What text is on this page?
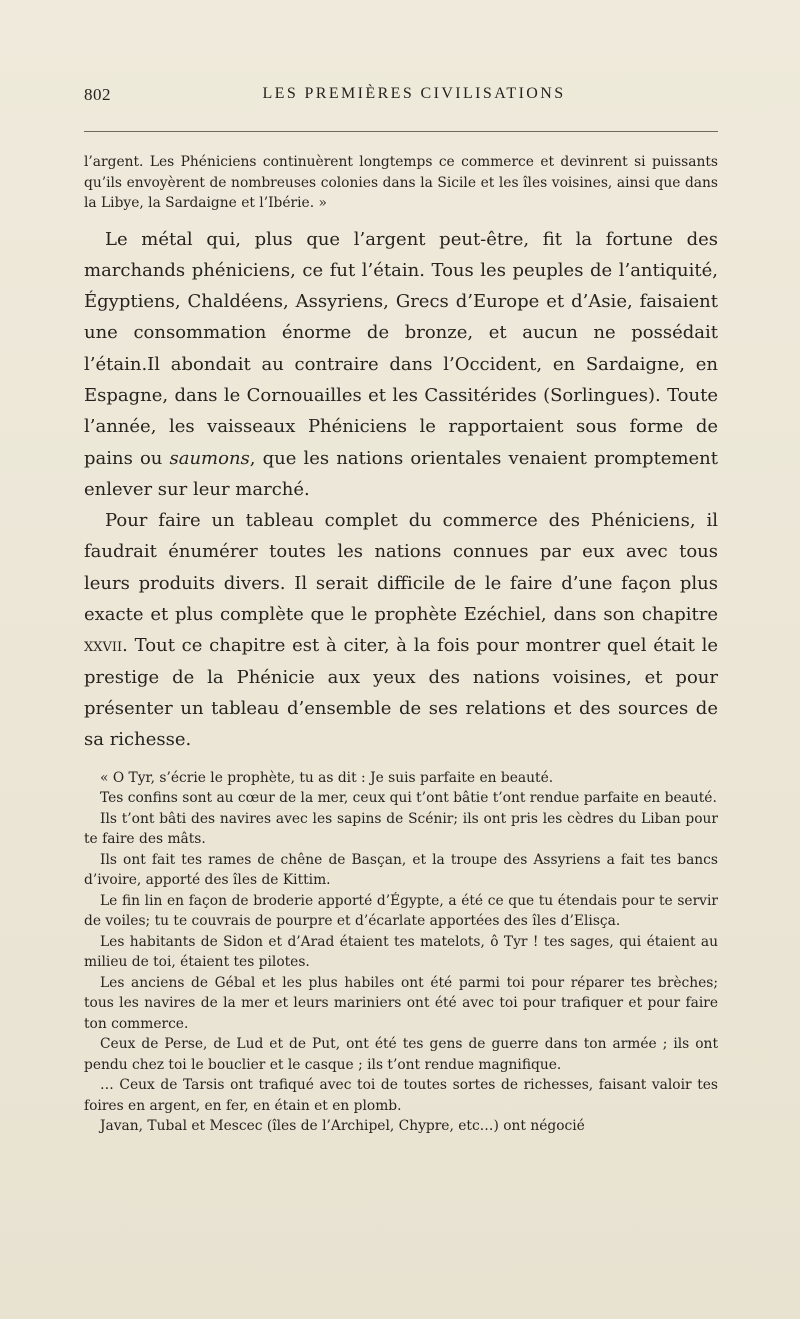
802	LES PREMIÈRES CIVILISATIONS

l’argent. Les Phéniciens continuèrent longtemps ce commerce et devinrent si puissants qu’ils envoyèrent de nombreuses colonies dans la Sicile et les îles voisines, ainsi que dans la Libye, la Sardaigne et l’Ibérie. »

Le métal qui, plus que l’argent peut-être, fit la fortune des marchands phéniciens, ce fut l’étain. Tous les peuples de l’antiquité, Égyptiens, Chaldéens, Assyriens, Grecs d’Europe et d’Asie, faisaient une consommation énorme de bronze, et aucun ne possédait l’étain.Il abondait au contraire dans l’Occident, en Sardaigne, en Espagne, dans le Cornouailles et les Cassitérides (Sorlingues). Toute l’année, les vaisseaux Phéniciens le rapportaient sous forme de pains ou saumons, que les nations orientales venaient promptement enlever sur leur marché.

Pour faire un tableau complet du commerce des Phéniciens, il faudrait énumérer toutes les nations connues par eux avec tous leurs produits divers. Il serait difficile de le faire d’une façon plus exacte et plus complète que le prophète Ezéchiel, dans son chapitre xxvii. Tout ce chapitre est à citer, à la fois pour montrer quel était le prestige de la Phénicie aux yeux des nations voisines, et pour présenter un tableau d’ensemble de ses relations et des sources de sa richesse.

« O Tyr, s’écrie le prophète, tu as dit : Je suis parfaite en beauté.

Tes confins sont au cœur de la mer, ceux qui t’ont bâtie t’ont rendue parfaite en beauté.

Ils t’ont bâti des navires avec les sapins de Scénir; ils ont pris les cèdres du Liban pour te faire des mâts.

Ils ont fait tes rames de chêne de Basçan, et la troupe des Assyriens a fait tes bancs d’ivoire, apporté des îles de Kittim.

Le fin lin en façon de broderie apporté d’Égypte, a été ce que tu étendais pour te servir de voiles; tu te couvrais de pourpre et d’écarlate apportées des îles d’Elisça.

Les habitants de Sidon et d’Arad étaient tes matelots, ô Tyr ! tes sages, qui étaient au milieu de toi, étaient tes pilotes.

Les anciens de Gébal et les plus habiles ont été parmi toi pour réparer tes brèches; tous les navires de la mer et leurs mariniers ont été avec toi pour trafiquer et pour faire ton commerce.

Ceux de Perse, de Lud et de Put, ont été tes gens de guerre dans ton armée ; ils ont pendu chez toi le bouclier et le casque ; ils t’ont rendue magnifique.

… Ceux de Tarsis ont trafiqué avec toi de toutes sortes de richesses, faisant valoir tes foires en argent, en fer, en étain et en plomb.

Javan, Tubal et Mescec (îles de l’Archipel, Chypre, etc…) ont négocié
